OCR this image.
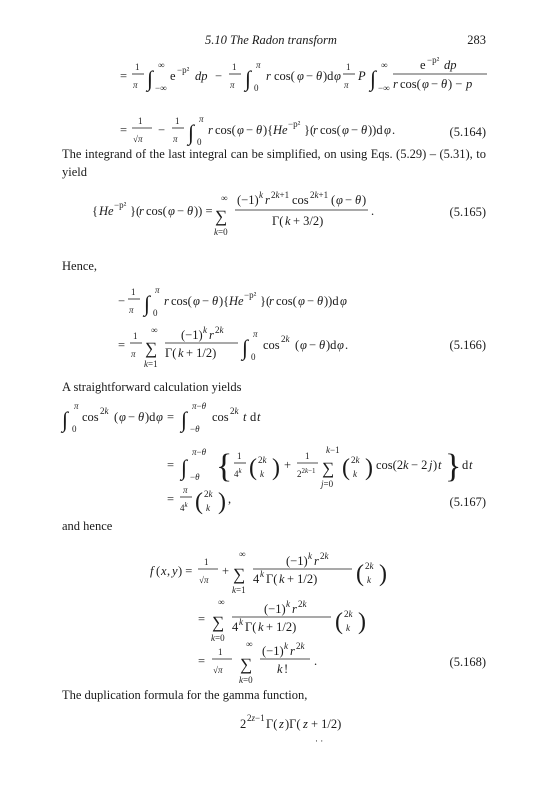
5.10 The Radon transform	283
=
1
π ∫
∞
−∞
e −p² dp −
1
π ∫
π
0
r cos( φ − θ )d φ
1
π
P ∫
∞
−∞
e −p² dp
r cos( φ − θ ) − p
=
1
√π
−
1
π ∫
π
0
r cos( φ − θ ){ He −p² }(
r cos( φ − θ ))d φ .	(5.164)
The integrand of the last integral can be simplified, on using Eqs. (5.29) – (5.31), to yield
{ He −p² }(
r cos( φ − θ )) =
∞
∑
k=0
(−1) k r 2k+1 cos 2k+1 ( φ − θ )
Γ( k + 3/2)
.	(5.165)
Hence,
−
1
π ∫
π
0
r cos( φ − θ ){ He −p² }(
r cos( φ − θ ))d φ
=
1
π
∞
∑
k=1
(−1) k r 2k
Γ( k + 1/2) ∫
π
0
cos 2k ( φ − θ )d φ .	(5.166)
A straightforward calculation yields
∫
π
0
cos 2k ( φ − θ )d φ = ∫
π−θ
−θ
cos 2k t d t
= ∫
π−θ
−θ { 1
4$^k$ ( 2k
k ) +
1
$2^{2k-1}$
k−1
∑
j=0
( 2k
k ) cos(2 k − 2 j ) t } d t
=
π
4$^k$ ( 2k
k ) ,	(5.167)
and hence
f ( x , y ) =
1
√π
+
∞
∑
k=1
(−1) k r 2k
4 k Γ( k + 1/2) ( 2k
k )
=
∞
∑
k=0
(−1) k r 2k
4 k Γ( k + 1/2) ( 2k
k )
=
1
√π
∞
∑
k=0
(−1) k r 2k
k !
.	(5.168)
The duplication formula for the gamma function,
2 2z−1 Γ( z )Γ( z + 1/2)
· ·
